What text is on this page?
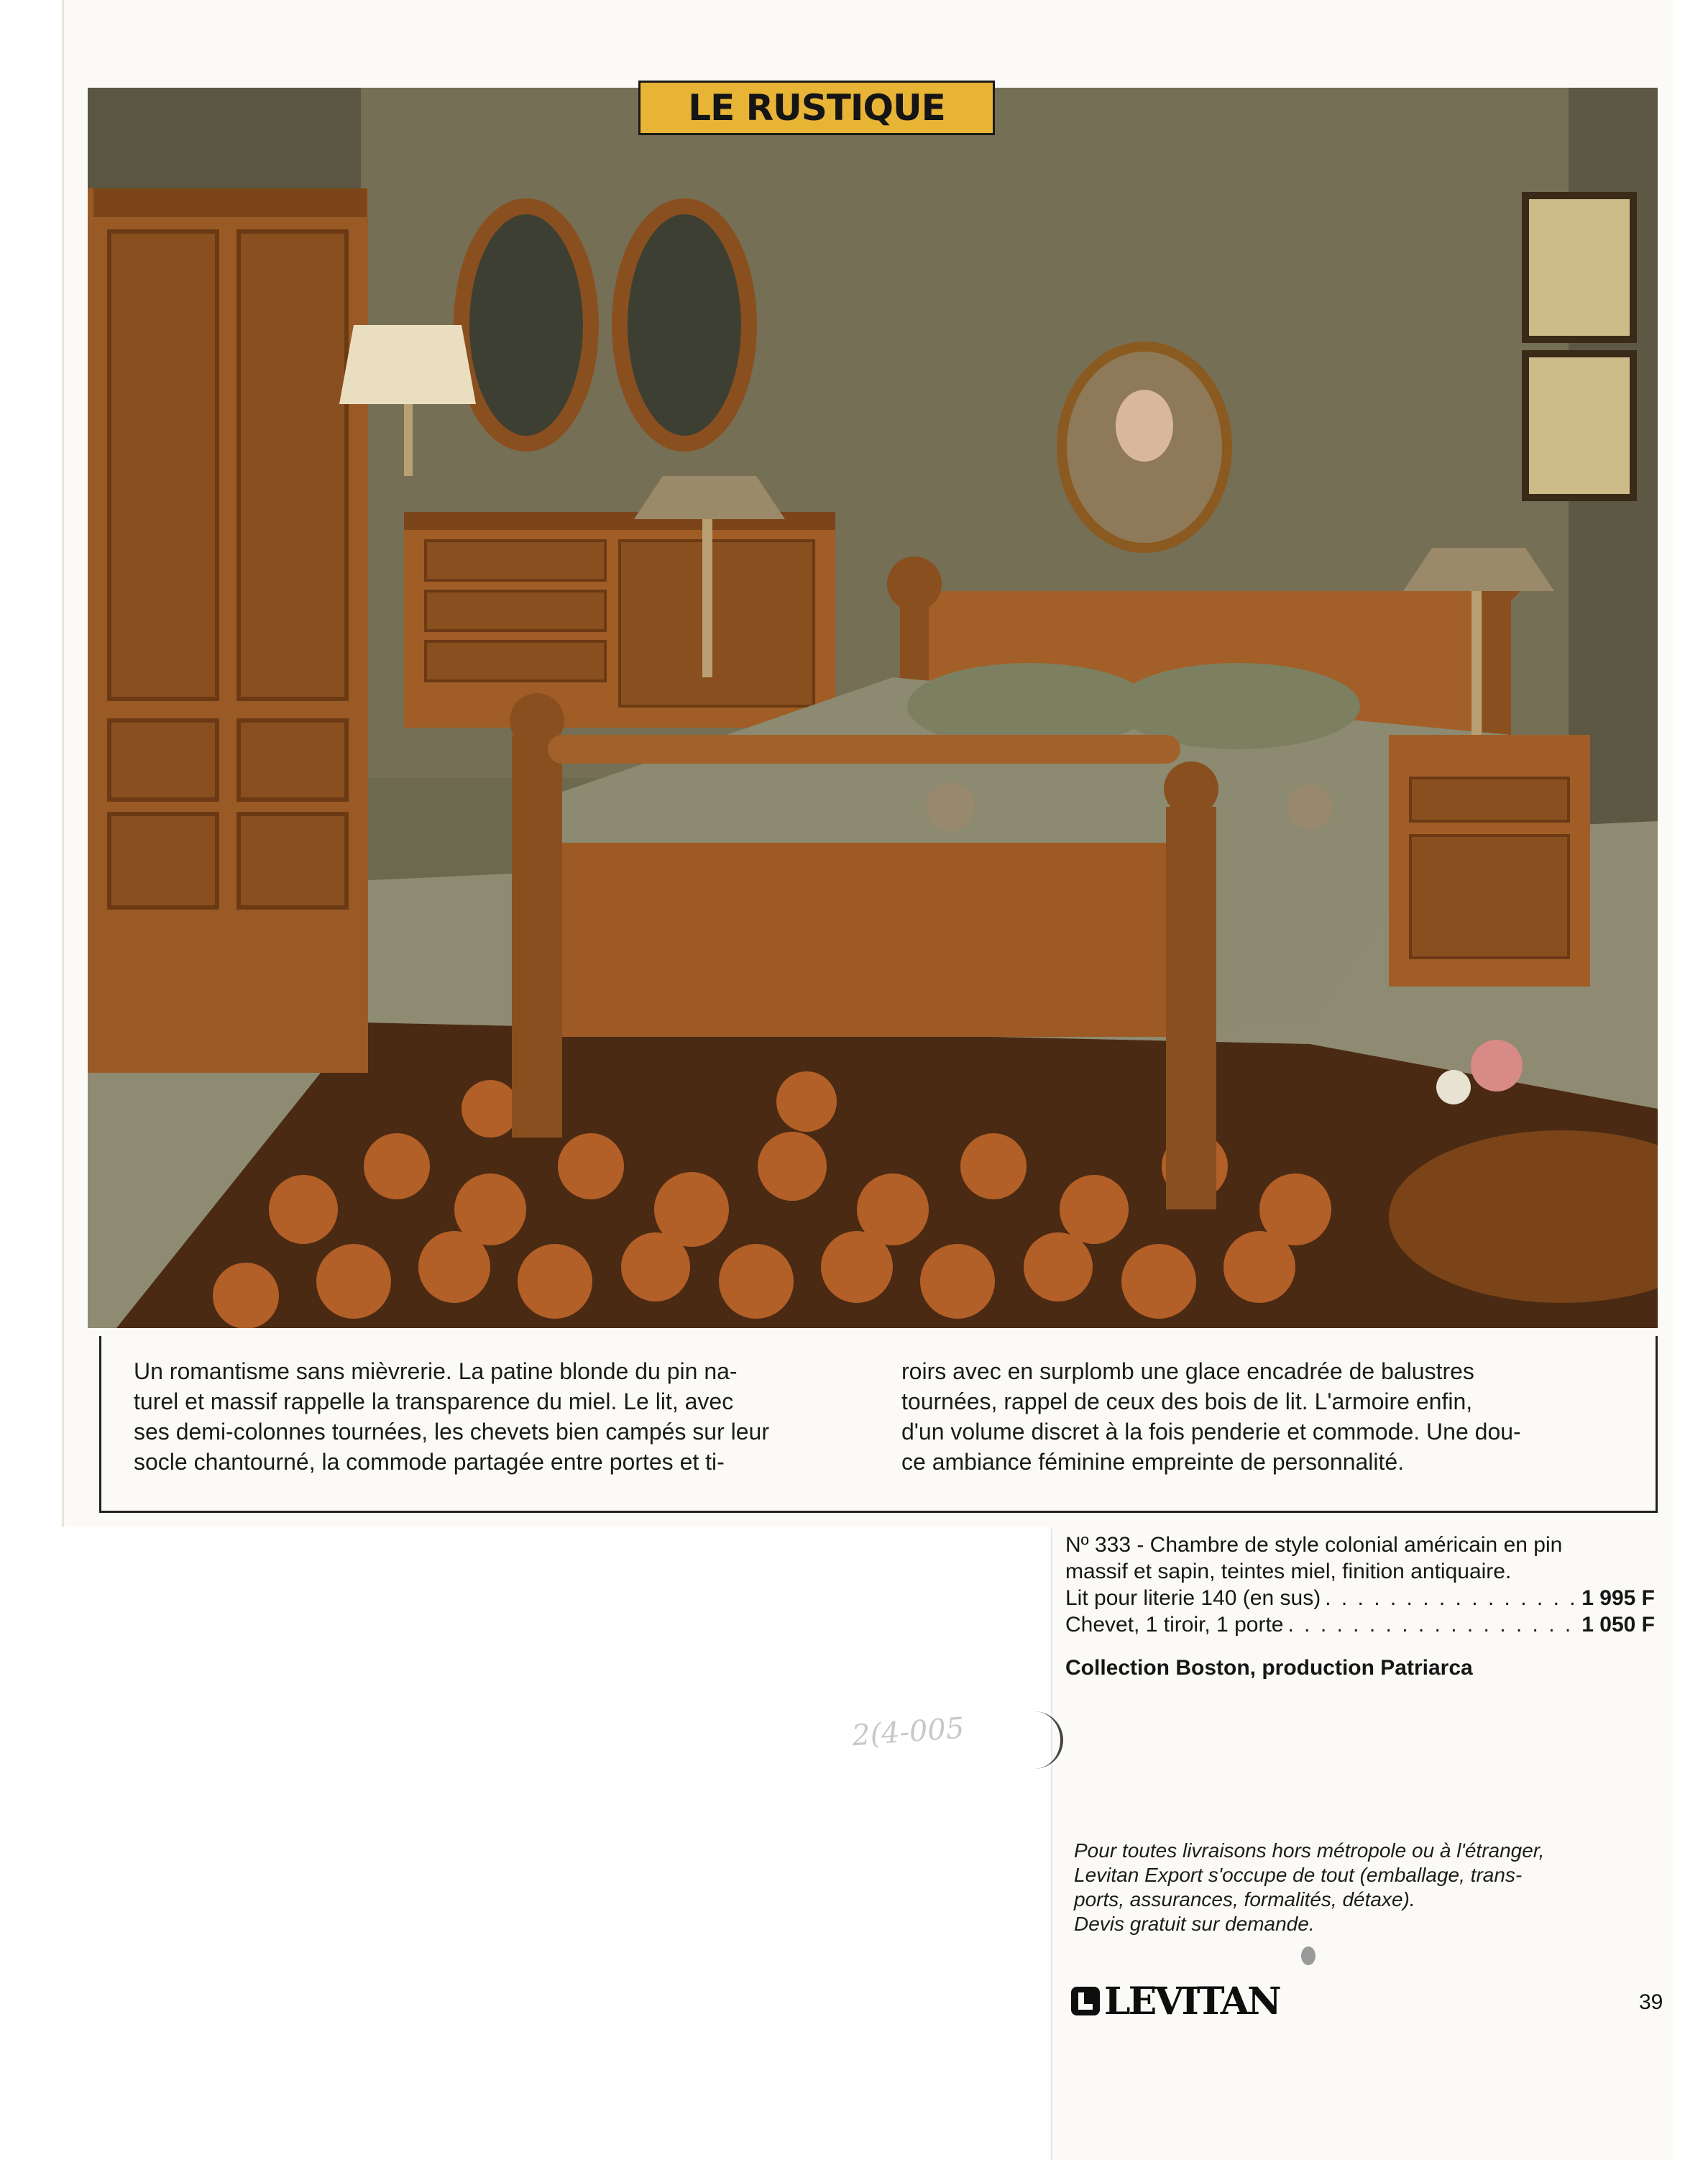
LE RUSTIQUE
Un romantisme sans mièvrerie. La patine blonde du pin na-
turel et massif rappelle la transparence du miel. Le lit, avec
ses demi-colonnes tournées, les chevets bien campés sur leur
socle chantourné, la commode partagée entre portes et ti-
roirs avec en surplomb une glace encadrée de balustres
tournées, rappel de ceux des bois de lit. L'armoire enfin,
d'un volume discret à la fois penderie et commode. Une dou-
ce ambiance féminine empreinte de personnalité.
2(4-005
Nº 333 - Chambre de style colonial américain en pin
massif et sapin, teintes miel, finition antiquaire.
Lit pour literie 140 (en sus) . . .	1 995 F
Chevet, 1 tiroir, 1 porte . . .	1 050 F
Collection Boston, production Patriarca
Pour toutes livraisons hors métropole ou à l'étranger,
Levitan Export s'occupe de tout (emballage, trans-
ports, assurances, formalités, détaxe).
Devis gratuit sur demande.
LEVITAN	39
